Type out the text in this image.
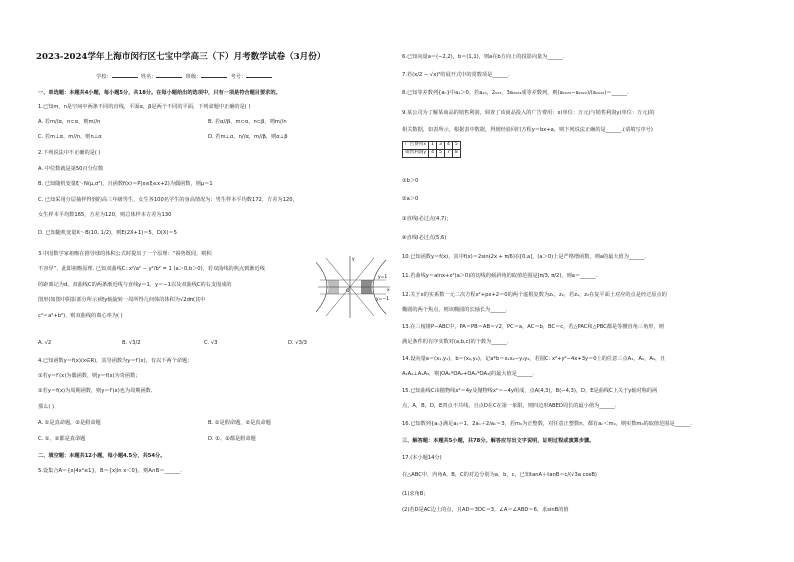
2023-2024学年上海市闵行区七宝中学高三（下）月考数学试卷（3月份）
学校：	姓名：	班级：	考号：
一、单选题：本题共4小题，每小题5分，共18分。在每小题给出的选项中，只有一项是符合题目要求的。
1.已知m，n是空间中两条不同的直线，平面α，β是两个不同的平面，下列命题中正确的是( )
A. 若m//α，n⊂α，则m//n	B. 若α//β，m⊂α，n⊂β，则m//n
C. 若m⊥α，m//n，则n⊥α	D. 若m⊥α，n//α，m//β，则α⊥β
2.下列说法中不正确的是( )
A. 中位数就是第50百分位数
B. 已知随机变量ξ～N(μ,σ²)，且函数f(x)＝P(x≤ξ≤x+2)为偶函数，则μ＝1
C. 已知采用分层抽样得到的高三年级男生、女生各100名学生的身高情况为：男生样本平均数172，方差为120，
女生样本平均数165，方差为120，则总体样本方差为130
D. 已知随机变量X～B(10, 1/2)，则E(2X+1)＝5，D(X)＝5
3.中国数学家祖暅在推导球的体积公式时提出了一个原理：“幂势既同，则积
不容异”，此即祖暅原理. 已知双曲线C: x²/a² − y²/b² = 1 (a＞0,b＞0)，若双曲线的焦点到渐近线
的距离记为d，双曲线C的两条渐近线与直线y＝1，y＝−1以及双曲线C的右支围成的
图形(如图中阴影部分所示)绕y轴旋转一周所得几何体的体积为√2dπ(其中
c²＝a²+b²)，则双曲线的离心率为( )
y=1
y=−1
O	x
y
A. √2	B. √3/2	C. √3	D. √3/3
4.已知函数y＝f(x)(x∈R)，其导函数为y＝f′(x)，有以下两个命题：
①若y＝f′(x)为偶函数，则y＝f(x)为奇函数；
②若y＝f(x)为周期函数，则y＝f′(x)也为周期函数.
那么( )
A. ①是真命题，②是假命题	B. ①是假命题，②是真命题
C. ①、②都是真命题	D. ①、②都是假命题
二、填空题：本题共12小题，每小题4.5分，共54分。
5.设集合A＝{x|4x²≤1}，B＝{x|ln x＜0}，则A∩B＝______.
6.已知向量a＝(−2,2)，b＝(1,1)，则a在b方向上的投影向量为______.
7.若(x/2 − √x)⁶的展开式中的常数项是______.
8.已知等差数列{aₙ}中a₁＞0，若a₁₀，2₀₂₃，3a₂₀₂₄成等差数列，则(a₂₀₂₃−a₂₀₂₂)/(a₂₀₂₃)＝______.
9.某公司为了解某商品的销售利润，调查了该商品投入的广告费用：x(单位：万元)与销售利润y(单位：万元)的
相关数据，如表所示，根据表中数据，得到经验回归方程y＝bx+a，则下列说法正确的是______.(请填写序号)
广告费用x	1	3	4	5
销售利润y	4	5	7	8
①b＞0
②a＞0
③直线l必过点(4,7)；
④直线l必过点(5,6)
10.已知函数y＝f(x)，其中f(x)＝2sin(2x + π/6)在[0,a]，(a＞0)上是严格增函数，则a的最大值为______.
11.若曲线y＝alnx+x²(a＞0)的切线的倾斜角的取值范围是[π/3, π/2)，则a＝______.
12.关于x的实系数一元二次方程x²+px+2＝0的两个虚根复数为z₁，z₂，若z₁，z₂在复平面上对应的点是经过原点的
椭圆的两个焦点，则该椭圆的长轴长为______.
13.在三棱锥P−ABC中，PA＝PB＝AB＝√2，PC＝a，AC＝b，BC＝c，若△PAC和△PBC都是等腰直角三角形，则
满足条件的有序实数对(a,b,c)的个数为______.
14.设向量a＝(x₁,y₁)，b＝(x₂,y₂)，记a*b＝x₁x₂−y₁y₂，若圆C: x²+y²−4x+3y＝0上的任意三点A₁，A₂，A₃，且
A₁A₂⊥A₁A₃，则|OA₁*OA₂+OA₂*OA₃|的最大值是______.
15.已知曲线C由抛物线x²＝4y及抛物线x²＝−4y组成，点A(4,3)，B(−4,3)，D，E是曲线C上关于y轴对称的两
点，A，B，D，E四点不共线，且点D在C在第一象限，则四边形ABED周长的最小值为______.
16.已知数列{aₙ}满足a₁＝1，2aₙ＋2/aₙ＝3，若m₀为正整数，对任意正整数n，都有aₙ＜m₀，则实数m₀的取值范围是______.
三、解答题：本题共5小题，共78分。解答应写出文字说明，证明过程或演算步骤。
17.(本小题14分)
在△ABC中，内角A，B，C的对边分别为a，b，c，已知tanA＋tanB＝c/(√3a cosB)
(1)求角B；
(2)若D是AC边上的点，且AD＝3DC＝3，∠A＝∠ABD＝6，求sinB的值
